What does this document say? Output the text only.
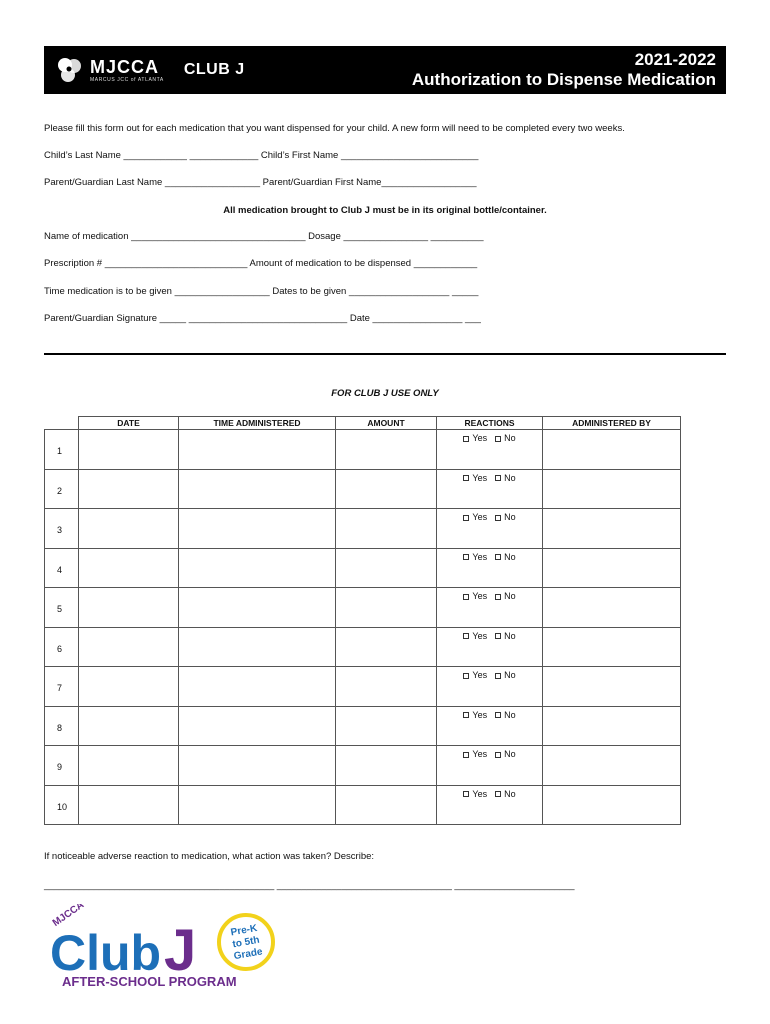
MJCCA
MARCUS JCC of ATLANTA
CLUB J
2021-2022
Authorization to Dispense Medication
Please fill this form out for each medication that you want dispensed for your child. A new form will need to be completed every two weeks.
Child’s Last Name ____________ _____________ Child’s First Name __________________________
Parent/Guardian Last Name __________________ Parent/Guardian First Name__________________
All medication brought to Club J must be in its original bottle/container.
Name of medication _________________________________ Dosage ________________ __________
Prescription # ___________________________ Amount of medication to be dispensed ____________
Time medication is to be given __________________ Dates to be given ___________________ _____
Parent/Guardian Signature _____ ______________________________ Date _________________ ___
FOR CLUB J USE ONLY
	DATE	TIME ADMINISTERED	AMOUNT	REACTIONS	ADMINISTERED BY

1				Yes No	

2				Yes No	

3				Yes No	

4				Yes No	

5				Yes No	

6				Yes No	

7				Yes No	

8				Yes No	

9				Yes No	

10				Yes No	
If noticeable adverse reaction to medication, what action was taken? Describe:
______________________________________________ ___________________________________ ________________________
MJCCA
Club J	Pre-K
to 5th
Grade
AFTER-SCHOOL PROGRAM
